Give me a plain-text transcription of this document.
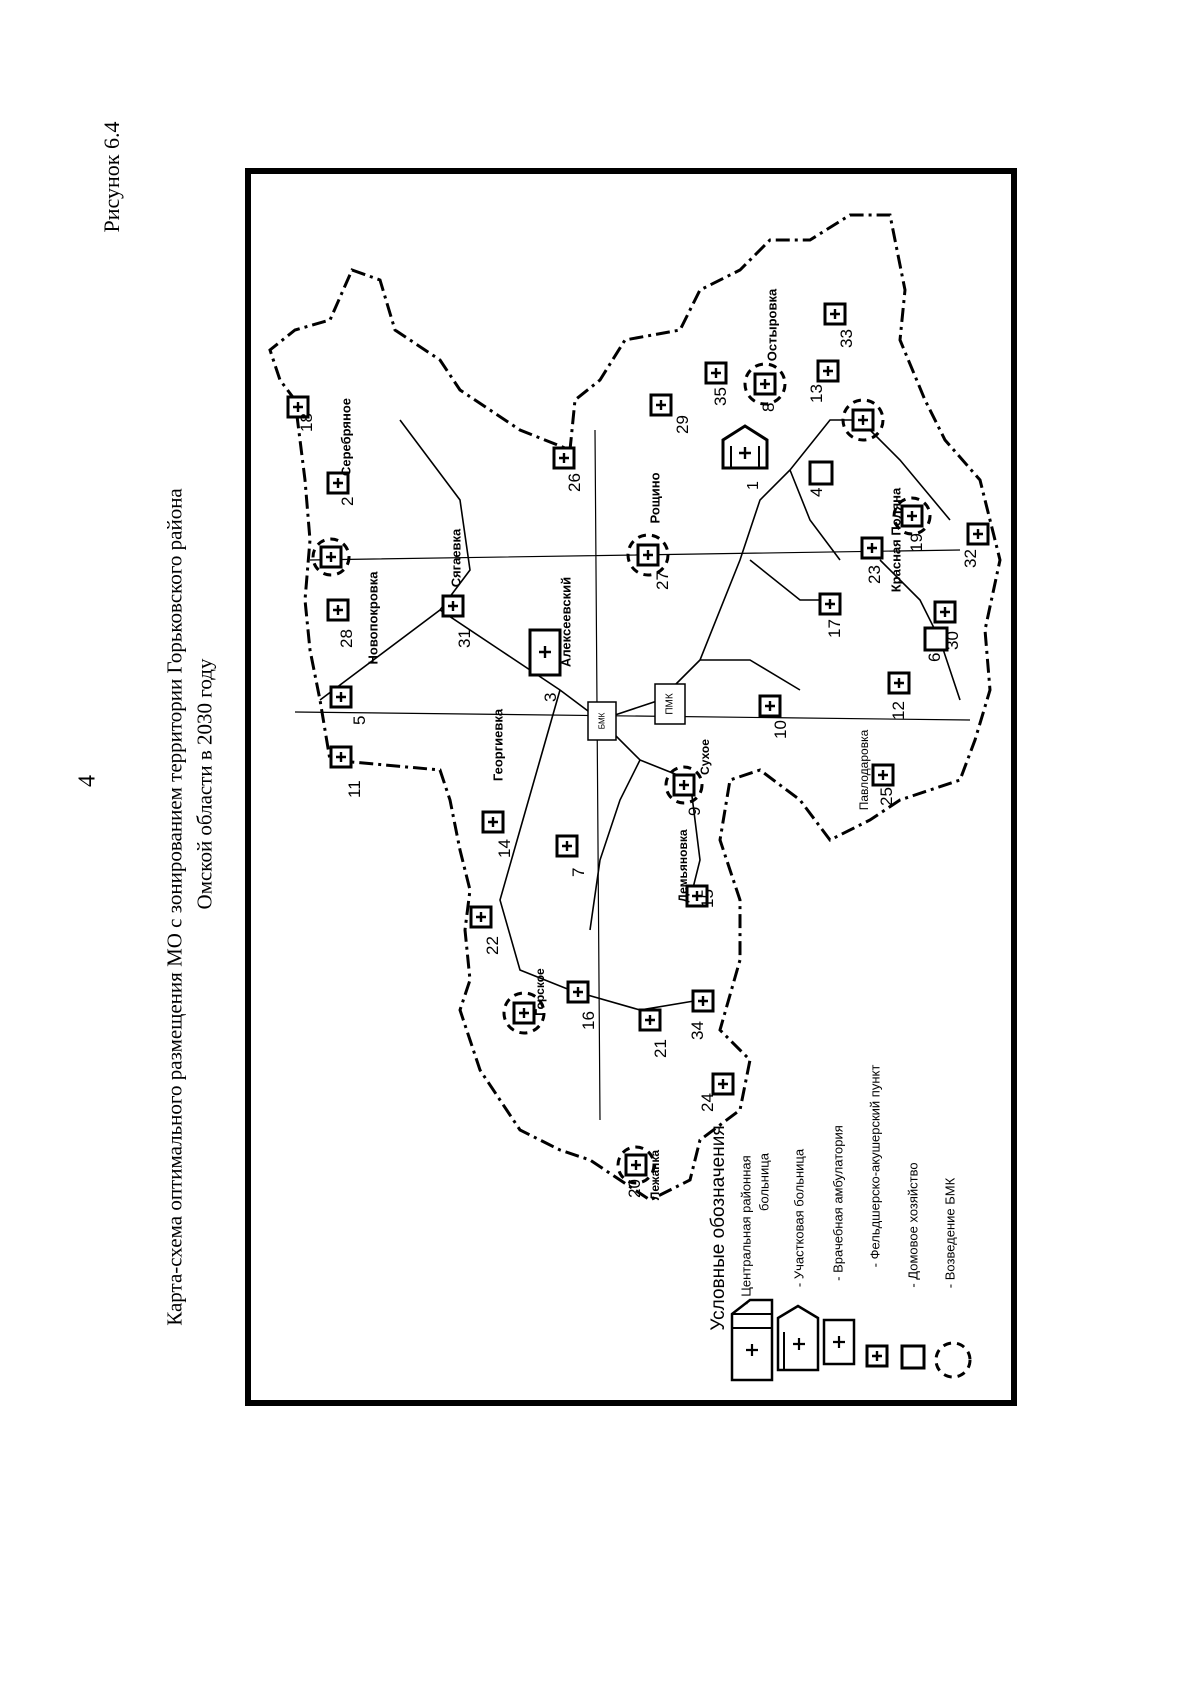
4
Рисунок 6.4
Карта-схема оптимального размещения МО с зонированием территории Горьковского района Омской области в 2030 году
1
18
2
28
5
11
31
3
14
7
22
16
21
15
34
24
20
9
10
26
27
29
35
8
13
33
19
32
23
17
30
12
25
4
6
Новопокровка
Сягаевка
Алексеевский
Георгиевка
Серебряное
Рощино
Остыровка
Красная Поляна
Павлодаровка
Демьяновка
Сухое
Горское
Лежанка
БМК
ПМК
Условные обозначения - Центральная районная больница - Участковая больница - Врачебная амбулатория - Фельдшерско-акушерский пункт - Домовое хозяйство - Возведение БМК
